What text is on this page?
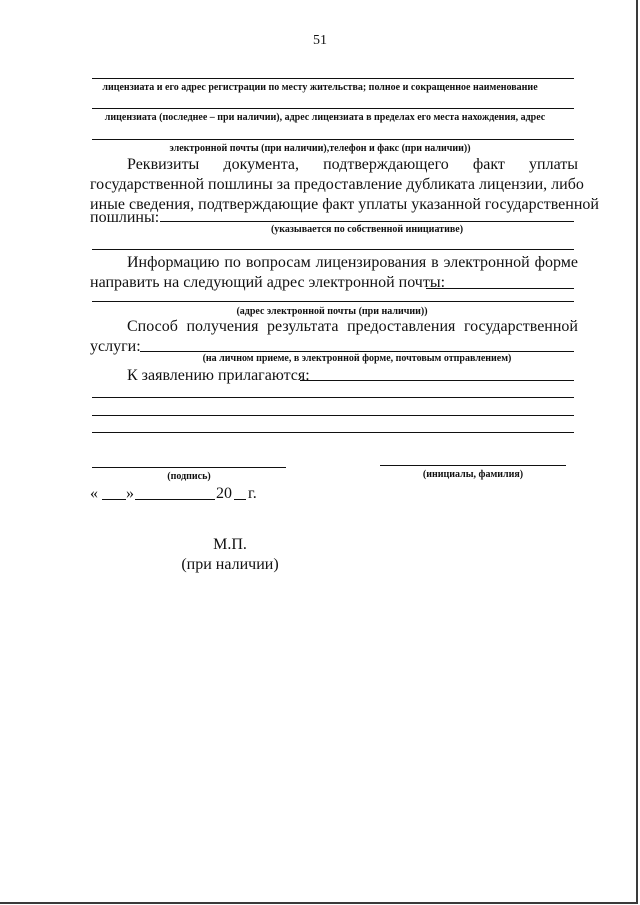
51
лицензиата и его адрес регистрации по месту жительства; полное и сокращенное наименование
лицензиата (последнее – при наличии), адрес лицензиата в пределах его места нахождения, адрес
электронной почты (при наличии),телефон и факс (при наличии))
Реквизиты документа, подтверждающего факт уплаты
государственной пошлины за предоставление дубликата лицензии, либо
иные сведения, подтверждающие факт уплаты указанной государственной
пошлины:
(указывается по собственной инициативе)
Информацию по вопросам лицензирования в электронной форме
направить на следующий адрес электронной почты:
(адрес электронной почты (при наличии))
Способ получения результата предоставления государственной
услуги:
(на личном приеме, в электронной форме, почтовым отправлением)
К заявлению прилагаются:
(подпись)	(инициалы, фамилия)
« »	20 г.
М.П.
(при наличии)
